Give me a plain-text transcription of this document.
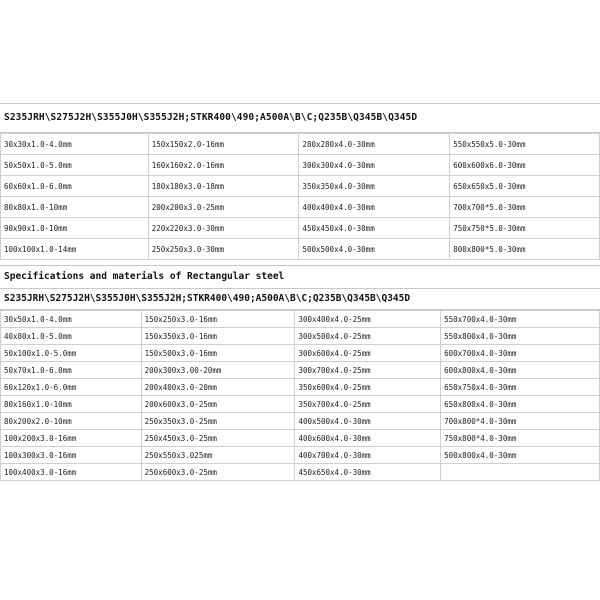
S235JRH\S275J2H\S355J0H\S355J2H;STKR400\490;A500A\B\C;Q235B\Q345B\Q345D
30x30x1.0-4.0mm	150x150x2.0-16mm	280x280x4.0-30mm	550x550x5.0-30mm
50x50x1.0-5.0mm	160x160x2.0-16mm	300x300x4.0-30mm	600x600x6.0-30mm
60x60x1.0-6.0mm	180x180x3.0-18mm	350x350x4.0-30mm	650x650x5.0-30mm
80x80x1.0-10mm	200x200x3.0-25mm	400x400x4.0-30mm	700x700*5.0-30mm
90x90x1.0-10mm	220x220x3.0-30mm	450x450x4.0-30mm	750x750*5.0-30mm
100x100x1.0-14mm	250x250x3.0-30mm	500x500x4.0-30mm	800x800*5.0-30mm
Specifications and materials of Rectangular steel
S235JRH\S275J2H\S355J0H\S355J2H;STKR400\490;A500A\B\C;Q235B\Q345B\Q345D
30x50x1.0-4.0mm	150x250x3.0-16mm	300x400x4.0-25mm	550x700x4.0-30mm
40x80x1.0-5.0mm	150x350x3.0-16mm	300x500x4.0-25mm	550x800x4.0-30mm
50x100x1.0-5.0mm	150x500x3.0-16mm	300x600x4.0-25mm	600x700x4.0-30mm
50x70x1.0-6.0mm	200x300x3.00-20mm	300x700x4.0-25mm	600x800x4.0-30mm
60x120x1.0-6.0mm	200x400x3.0-20mm	350x600x4.0-25mm	650x750x4.0-30mm
80x160x1.0-10mm	200x600x3.0-25mm	350x700x4.0-25mm	650x800x4.0-30mm
80x200x2.0-10mm	250x350x3.0-25mm	400x500x4.0-30mm	700x800*4.0-30mm
100x200x3.0-16mm	250x450x3.0-25mm	400x600x4.0-30mm	750x800*4.0-30mm
100x300x3.0-16mm	250x550x3.025mm	400x700x4.0-30mm	500x800x4.0-30mm
100x400x3.0-16mm	250x600x3.0-25mm	450x650x4.0-30mm	
